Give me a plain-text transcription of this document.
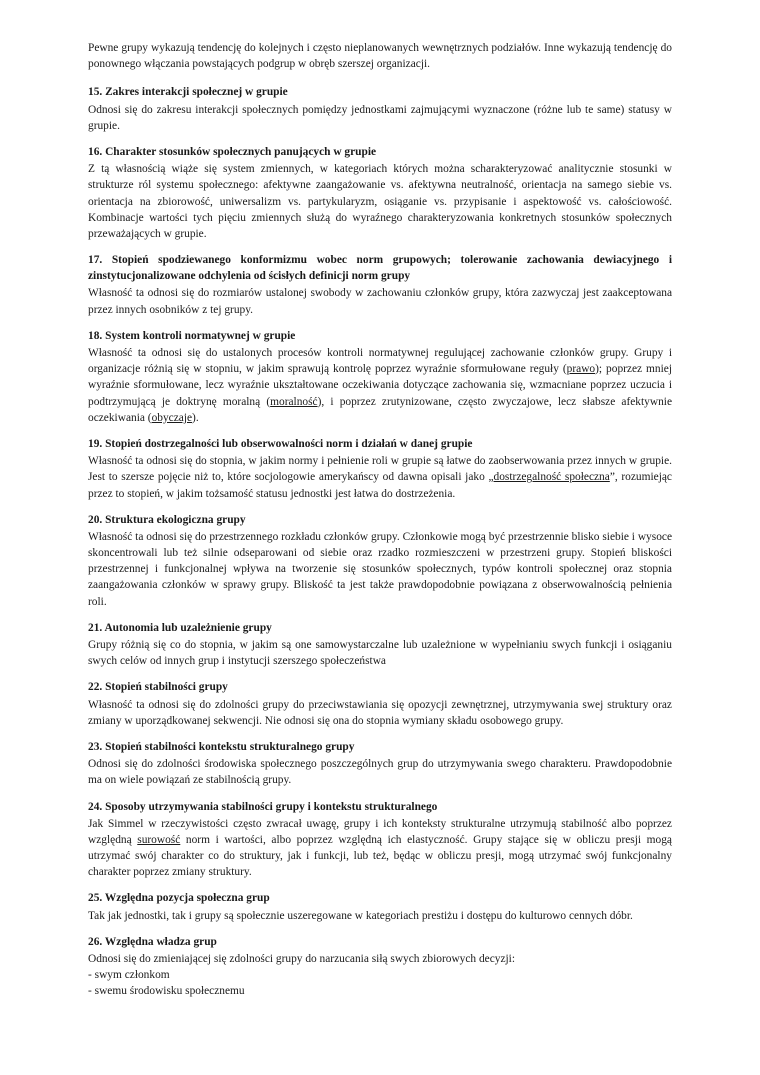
Pewne grupy wykazują tendencję do kolejnych i często nieplanowanych wewnętrznych podziałów. Inne wykazują tendencję do ponownego włączania powstających podgrup w obręb szerszej organizacji.

15. Zakres interakcji społecznej w grupie

Odnosi się do zakresu interakcji społecznych pomiędzy jednostkami zajmującymi wyznaczone (różne lub te same) statusy w grupie.

16. Charakter stosunków społecznych panujących w grupie

Z tą własnością wiąże się system zmiennych, w kategoriach których można scharakteryzować analitycznie stosunki w strukturze ról systemu społecznego: afektywne zaangażowanie vs. afektywna neutralność, orientacja na samego siebie vs. orientacja na zbiorowość, uniwersalizm vs. partykularyzm, osiąganie vs. przypisanie i aspektowość vs. całościowość. Kombinacje wartości tych pięciu zmiennych służą do wyraźnego charakteryzowania konkretnych stosunków społecznych przeważających w grupie.

17. Stopień spodziewanego konformizmu wobec norm grupowych; tolerowanie zachowania dewiacyjnego i zinstytucjonalizowane odchylenia od ścisłych definicji norm grupy

Własność ta odnosi się do rozmiarów ustalonej swobody w zachowaniu członków grupy, która zazwyczaj jest zaakceptowana przez innych osobników z tej grupy.

18. System kontroli normatywnej w grupie

Własność ta odnosi się do ustalonych procesów kontroli normatywnej regulującej zachowanie członków grupy. Grupy i organizacje różnią się w stopniu, w jakim sprawują kontrolę poprzez wyraźnie sformułowane reguły (prawo); poprzez mniej wyraźnie sformułowane, lecz wyraźnie ukształtowane oczekiwania dotyczące zachowania się, wzmacniane poprzez uczucia i podtrzymującą je doktrynę moralną (moralność), i poprzez zrutynizowane, często zwyczajowe, lecz słabsze afektywnie oczekiwania (obyczaje).

19. Stopień dostrzegalności lub obserwowalności norm i działań w danej grupie

Własność ta odnosi się do stopnia, w jakim normy i pełnienie roli w grupie są łatwe do zaobserwowania przez innych w grupie. Jest to szersze pojęcie niż to, które socjologowie amerykańscy od dawna opisali jako „dostrzegalność społeczna”, rozumiejąc przez to stopień, w jakim tożsamość statusu jednostki jest łatwa do dostrzeżenia.

20. Struktura ekologiczna grupy

Własność ta odnosi się do przestrzennego rozkładu członków grupy. Członkowie mogą być przestrzennie blisko siebie i wysoce skoncentrowali lub też silnie odseparowani od siebie oraz rzadko rozmieszczeni w przestrzeni grupy. Stopień bliskości przestrzennej i funkcjonalnej wpływa na tworzenie się stosunków społecznych, typów kontroli społecznej oraz stopnia zaangażowania członków w sprawy grupy. Bliskość ta jest także prawdopodobnie powiązana z obserwowalnością pełnienia roli.

21. Autonomia lub uzależnienie grupy

Grupy różnią się co do stopnia, w jakim są one samowystarczalne lub uzależnione w wypełnianiu swych funkcji i osiąganiu swych celów od innych grup i instytucji szerszego społeczeństwa

22. Stopień stabilności grupy

Własność ta odnosi się do zdolności grupy do przeciwstawiania się opozycji zewnętrznej, utrzymywania swej struktury oraz zmiany w uporządkowanej sekwencji. Nie odnosi się ona do stopnia wymiany składu osobowego grupy.

23. Stopień stabilności kontekstu strukturalnego grupy

Odnosi się do zdolności środowiska społecznego poszczególnych grup do utrzymywania swego charakteru. Prawdopodobnie ma on wiele powiązań ze stabilnością grupy.

24. Sposoby utrzymywania stabilności grupy i kontekstu strukturalnego

Jak Simmel w rzeczywistości często zwracał uwagę, grupy i ich konteksty strukturalne utrzymują stabilność albo poprzez względną surowość norm i wartości, albo poprzez względną ich elastyczność. Grupy stające się w obliczu presji mogą utrzymać swój charakter co do struktury, jak i funkcji, lub też, będąc w obliczu presji, mogą utrzymać swój funkcjonalny charakter poprzez zmiany struktury.

25. Względna pozycja społeczna grup

Tak jak jednostki, tak i grupy są społecznie uszeregowane w kategoriach prestiżu i dostępu do kulturowo cennych dóbr.

26. Względna władza grup

Odnosi się do zmieniającej się zdolności grupy do narzucania siłą swych zbiorowych decyzji:

- swym członkom

- swemu środowisku społecznemu
